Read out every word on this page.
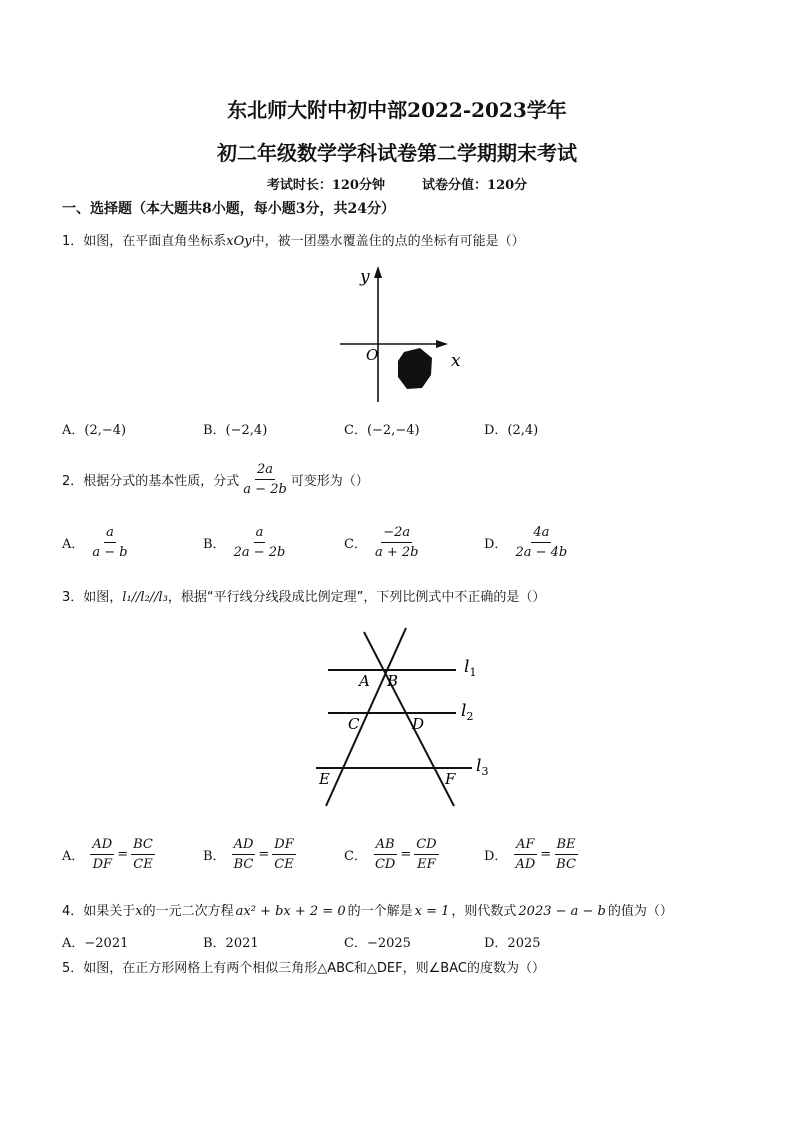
东北师大附中初中部2022-2023学年
初二年级数学学科试卷第二学期期末考试
考试时长：120分钟	试卷分值：120分
一、选择题（本大题共8小题，每小题3分，共24分）
1．如图，在平面直角坐标系xOy中，被一团墨水覆盖住的点的坐标有可能是（）
y
O	x
A．(2,−4)	B．(−2,4)	C．(−2,−4)	D．(2,4)
2．根据分式的基本性质，分式 $\frac{2a}{a - 2b}$ 可变形为（）
A． $\frac{a}{a - b}$	B． $\frac{a}{2a - 2b}$	C． $\frac{-2a}{a + 2b}$	D． $\frac{4a}{2a - 4b}$
3．如图，l₁//l₂//l₃，根据“平行线分线段成比例定理”，下列比例式中不正确的是（）
A B
C	D
E	F
$l_1$
$l_2$
$l_3$
A． $\frac{AD}{DF} = \frac{BC}{CE}$	B． $\frac{AD}{BC} = \frac{DF}{CE}$	C． $\frac{AB}{CD} = \frac{CD}{EF}$	D． $\frac{AF}{AD} = \frac{BE}{BC}$
4．如果关于x的一元二次方程 ax² + bx + 2 = 0 的一个解是 x = 1 ，则代数式 2023 − a − b 的值为（）
A．−2021	B．2021	C．−2025	D．2025
5．如图，在正方形网格上有两个相似三角形△ABC和△DEF，则∠BAC的度数为（）
